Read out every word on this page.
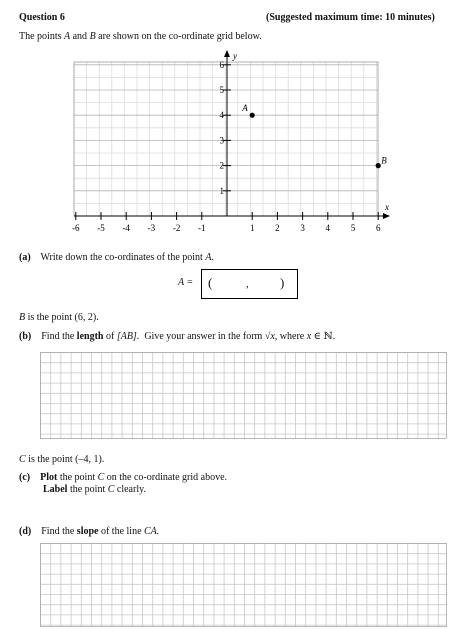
Question 6	(Suggested maximum time: 10 minutes)
The points A and B are shown on the co-ordinate grid below.
-6 -5 -4 -3 -2 -1	1 2 3 4 5 6
1
2
3
4
5
6
x
y
A
B
(a) Write down the co-ordinates of the point A.
A = (	, )
B is the point (6, 2).
(b) Find the length of [AB]. Give your answer in the form √x, where x ∈ ℕ.
C is the point (–4, 1).
(c) Plot the point C on the co-ordinate grid above.
Label the point C clearly.
(d) Find the slope of the line CA.
